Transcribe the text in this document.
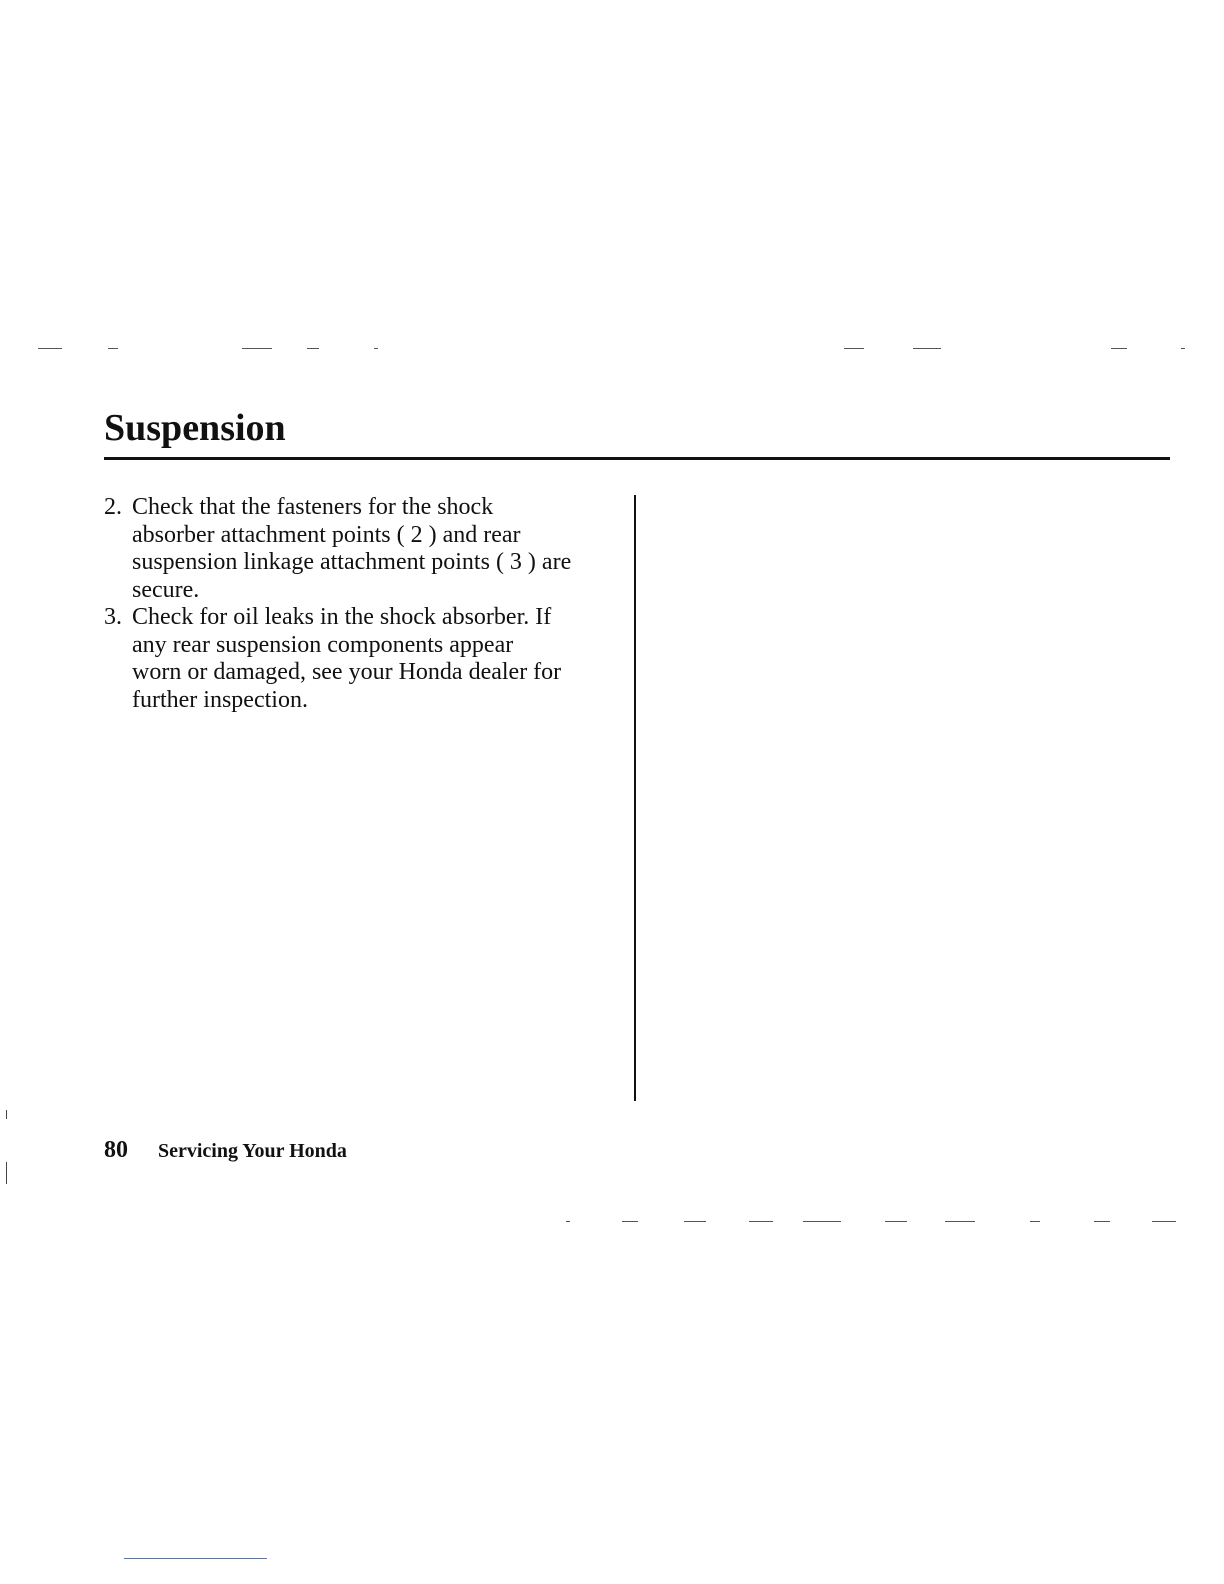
Suspension
2. Check that the fasteners for the shock
absorber attachment points ( 2 ) and rear
suspension linkage attachment points ( 3 ) are
secure.
3. Check for oil leaks in the shock absorber. If
any rear suspension components appear
worn or damaged, see your Honda dealer for
further inspection.
80 Servicing Your Honda
